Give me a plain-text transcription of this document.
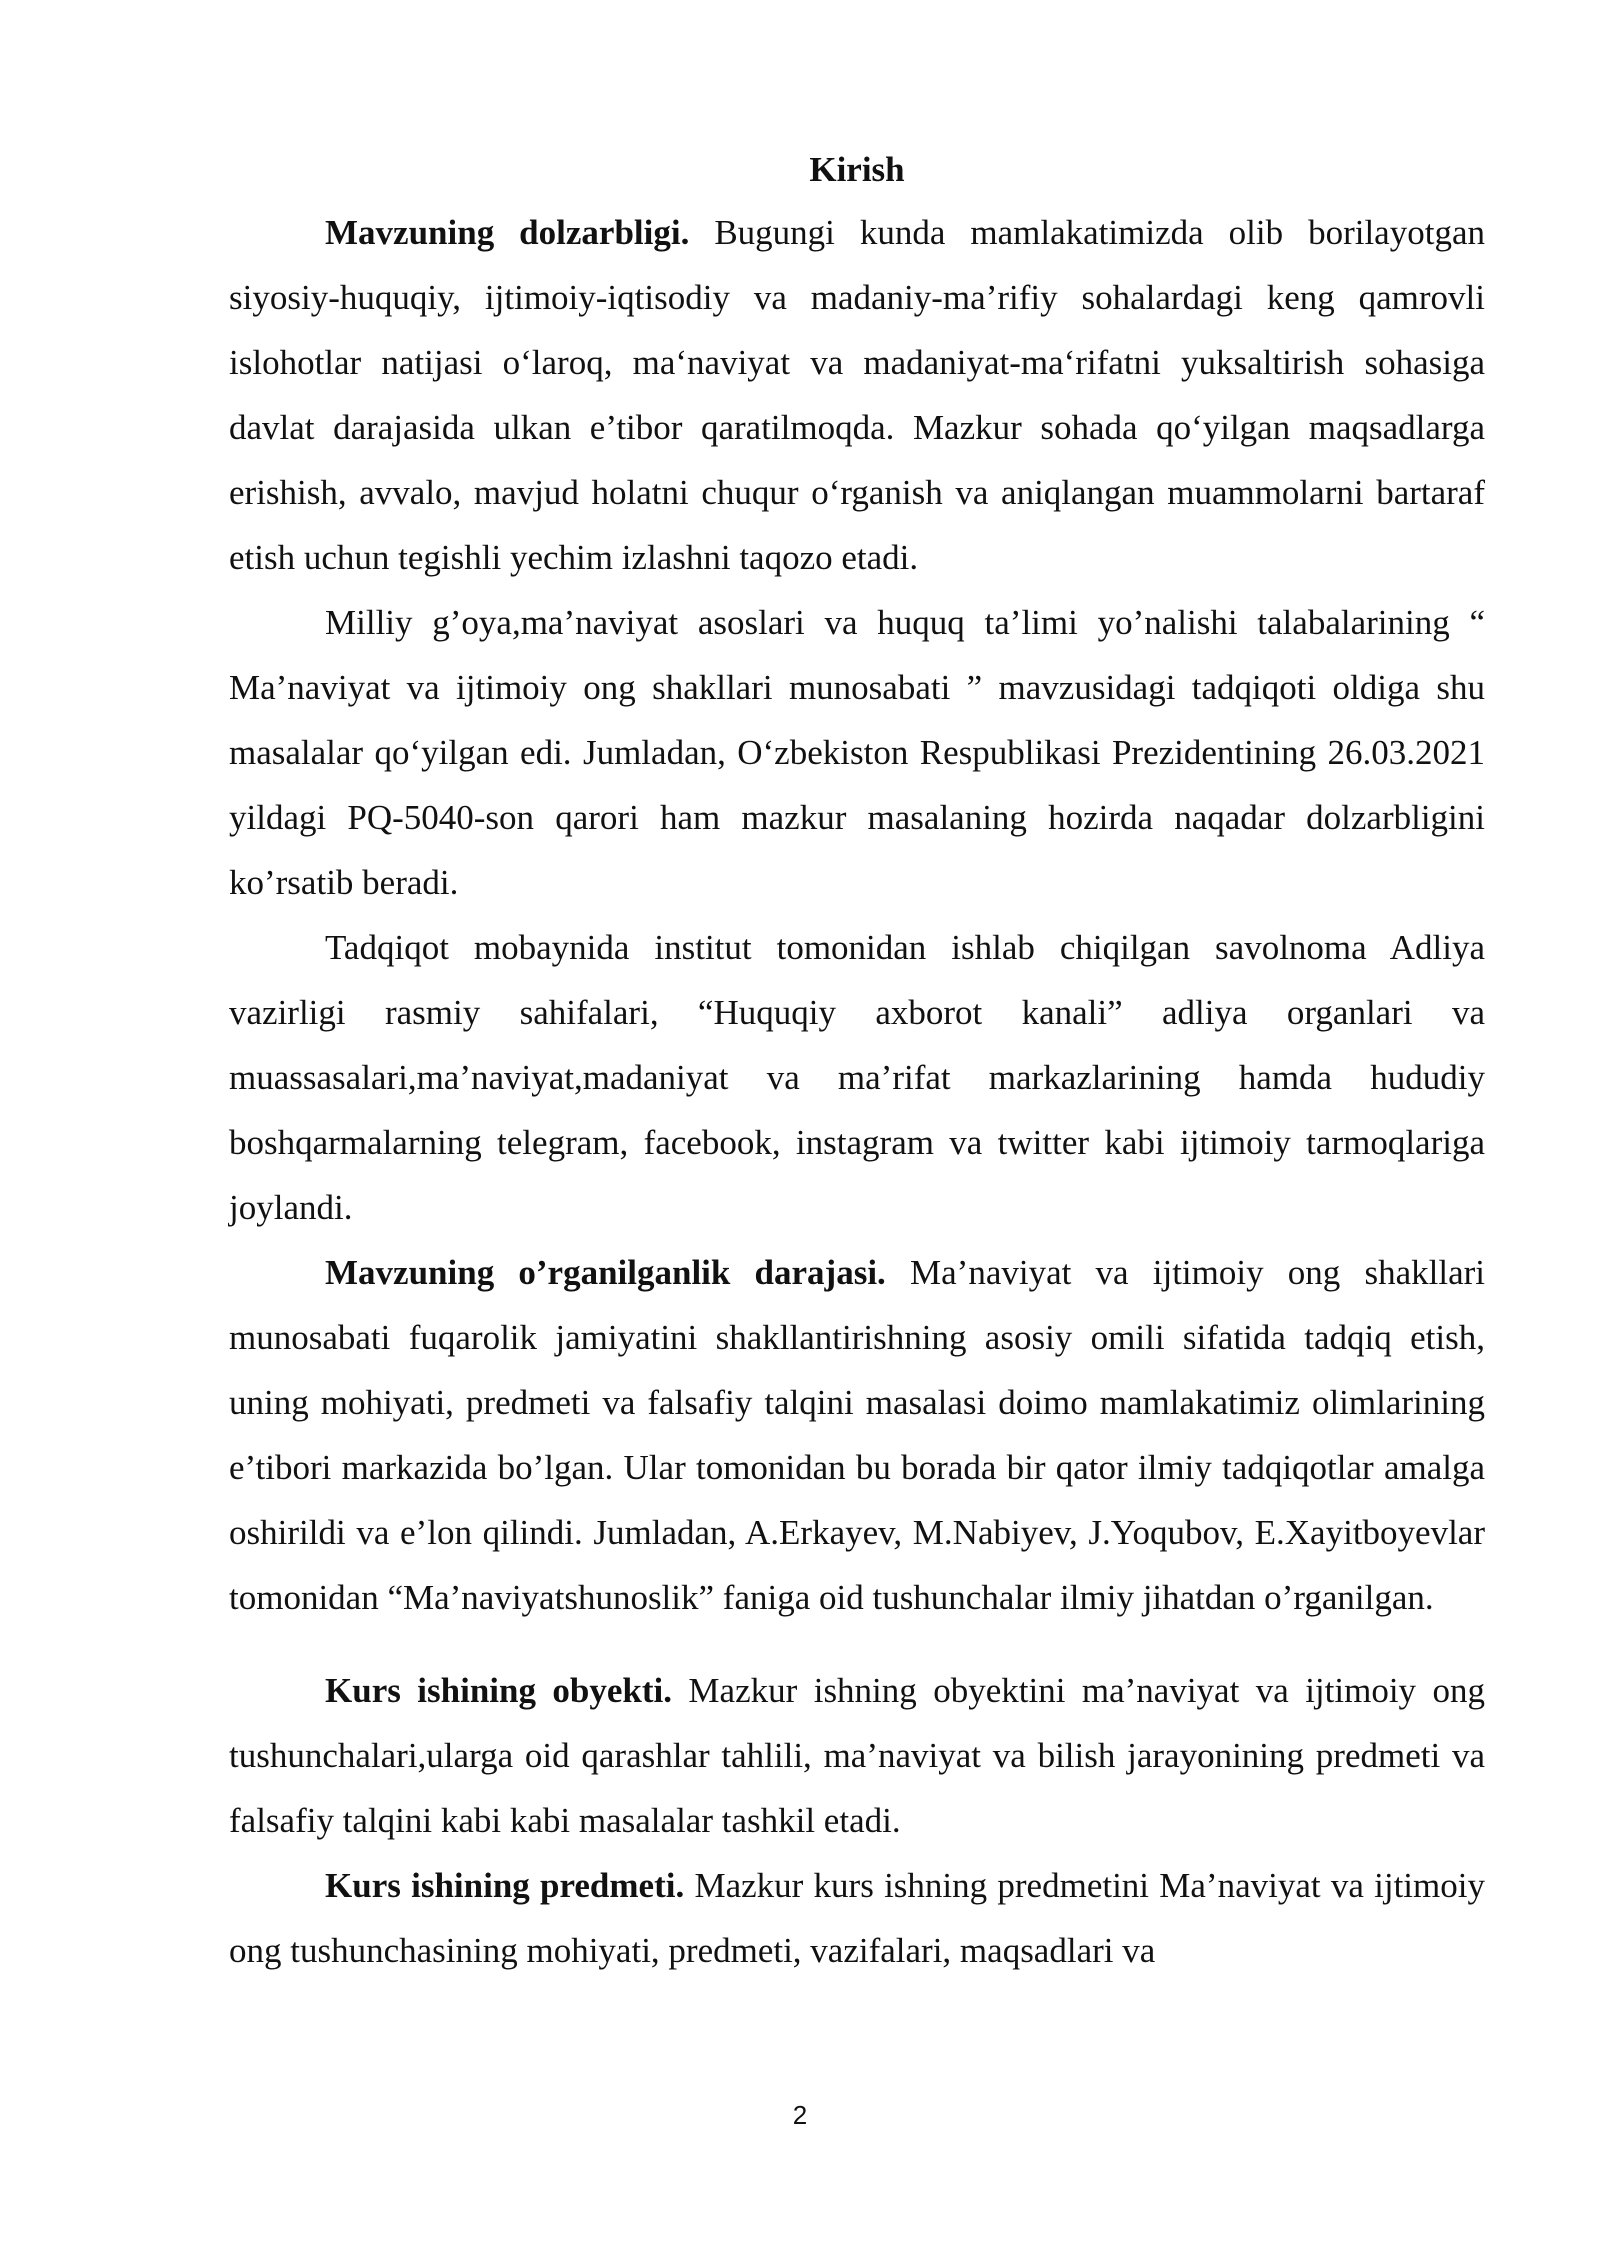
Kirish

Mavzuning dolzarbligi. Bugungi kunda mamlakatimizda olib borilayotgan siyosiy-huquqiy, ijtimoiy-iqtisodiy va madaniy-ma’rifiy sohalardagi keng qamrovli islohotlar natijasi o‘laroq, ma‘naviyat va madaniyat-ma‘rifatni yuksaltirish sohasiga davlat darajasida ulkan e’tibor qaratilmoqda. Mazkur sohada qo‘yilgan maqsadlarga erishish, avvalo, mavjud holatni chuqur o‘rganish va aniqlangan muammolarni bartaraf etish uchun tegishli yechim izlashni taqozo etadi.

Milliy g’oya,ma’naviyat asoslari va huquq ta’limi yo’nalishi talabalarining “ Ma’naviyat va ijtimoiy ong shakllari munosabati ” mavzusidagi tadqiqoti oldiga shu masalalar qo‘yilgan edi. Jumladan, O‘zbekiston Respublikasi Prezidentining 26.03.2021 yildagi PQ-5040-son qarori ham mazkur masalaning hozirda naqadar dolzarbligini ko’rsatib beradi.

Tadqiqot mobaynida institut tomonidan ishlab chiqilgan savolnoma Adliya vazirligi rasmiy sahifalari, “Huquqiy axborot kanali” adliya organlari va muassasalari,ma’naviyat,madaniyat va ma’rifat markazlarining hamda hududiy boshqarmalarning telegram, facebook, instagram va twitter kabi ijtimoiy tarmoqlariga joylandi.

Mavzuning o’rganilganlik darajasi. Ma’naviyat va ijtimoiy ong shakllari munosabati fuqarolik jamiyatini shakllantirishning asosiy omili sifatida tadqiq etish, uning mohiyati, predmeti va falsafiy talqini masalasi doimo mamlakatimiz olimlarining e’tibori markazida bo’lgan. Ular tomonidan bu borada bir qator ilmiy tadqiqotlar amalga oshirildi va e’lon qilindi. Jumladan, A.Erkayev, M.Nabiyev, J.Yoqubov, E.Xayitboyevlar tomonidan “Ma’naviyatshunoslik” faniga oid tushunchalar ilmiy jihatdan o’rganilgan.

Kurs ishining obyekti. Mazkur ishning obyektini ma’naviyat va ijtimoiy ong tushunchalari,ularga oid qarashlar tahlili, ma’naviyat va bilish jarayonining predmeti va falsafiy talqini kabi kabi masalalar tashkil etadi.

Kurs ishining predmeti. Mazkur kurs ishning predmetini Ma’naviyat va ijtimoiy ong tushunchasining mohiyati, predmeti, vazifalari, maqsadlari va

2
